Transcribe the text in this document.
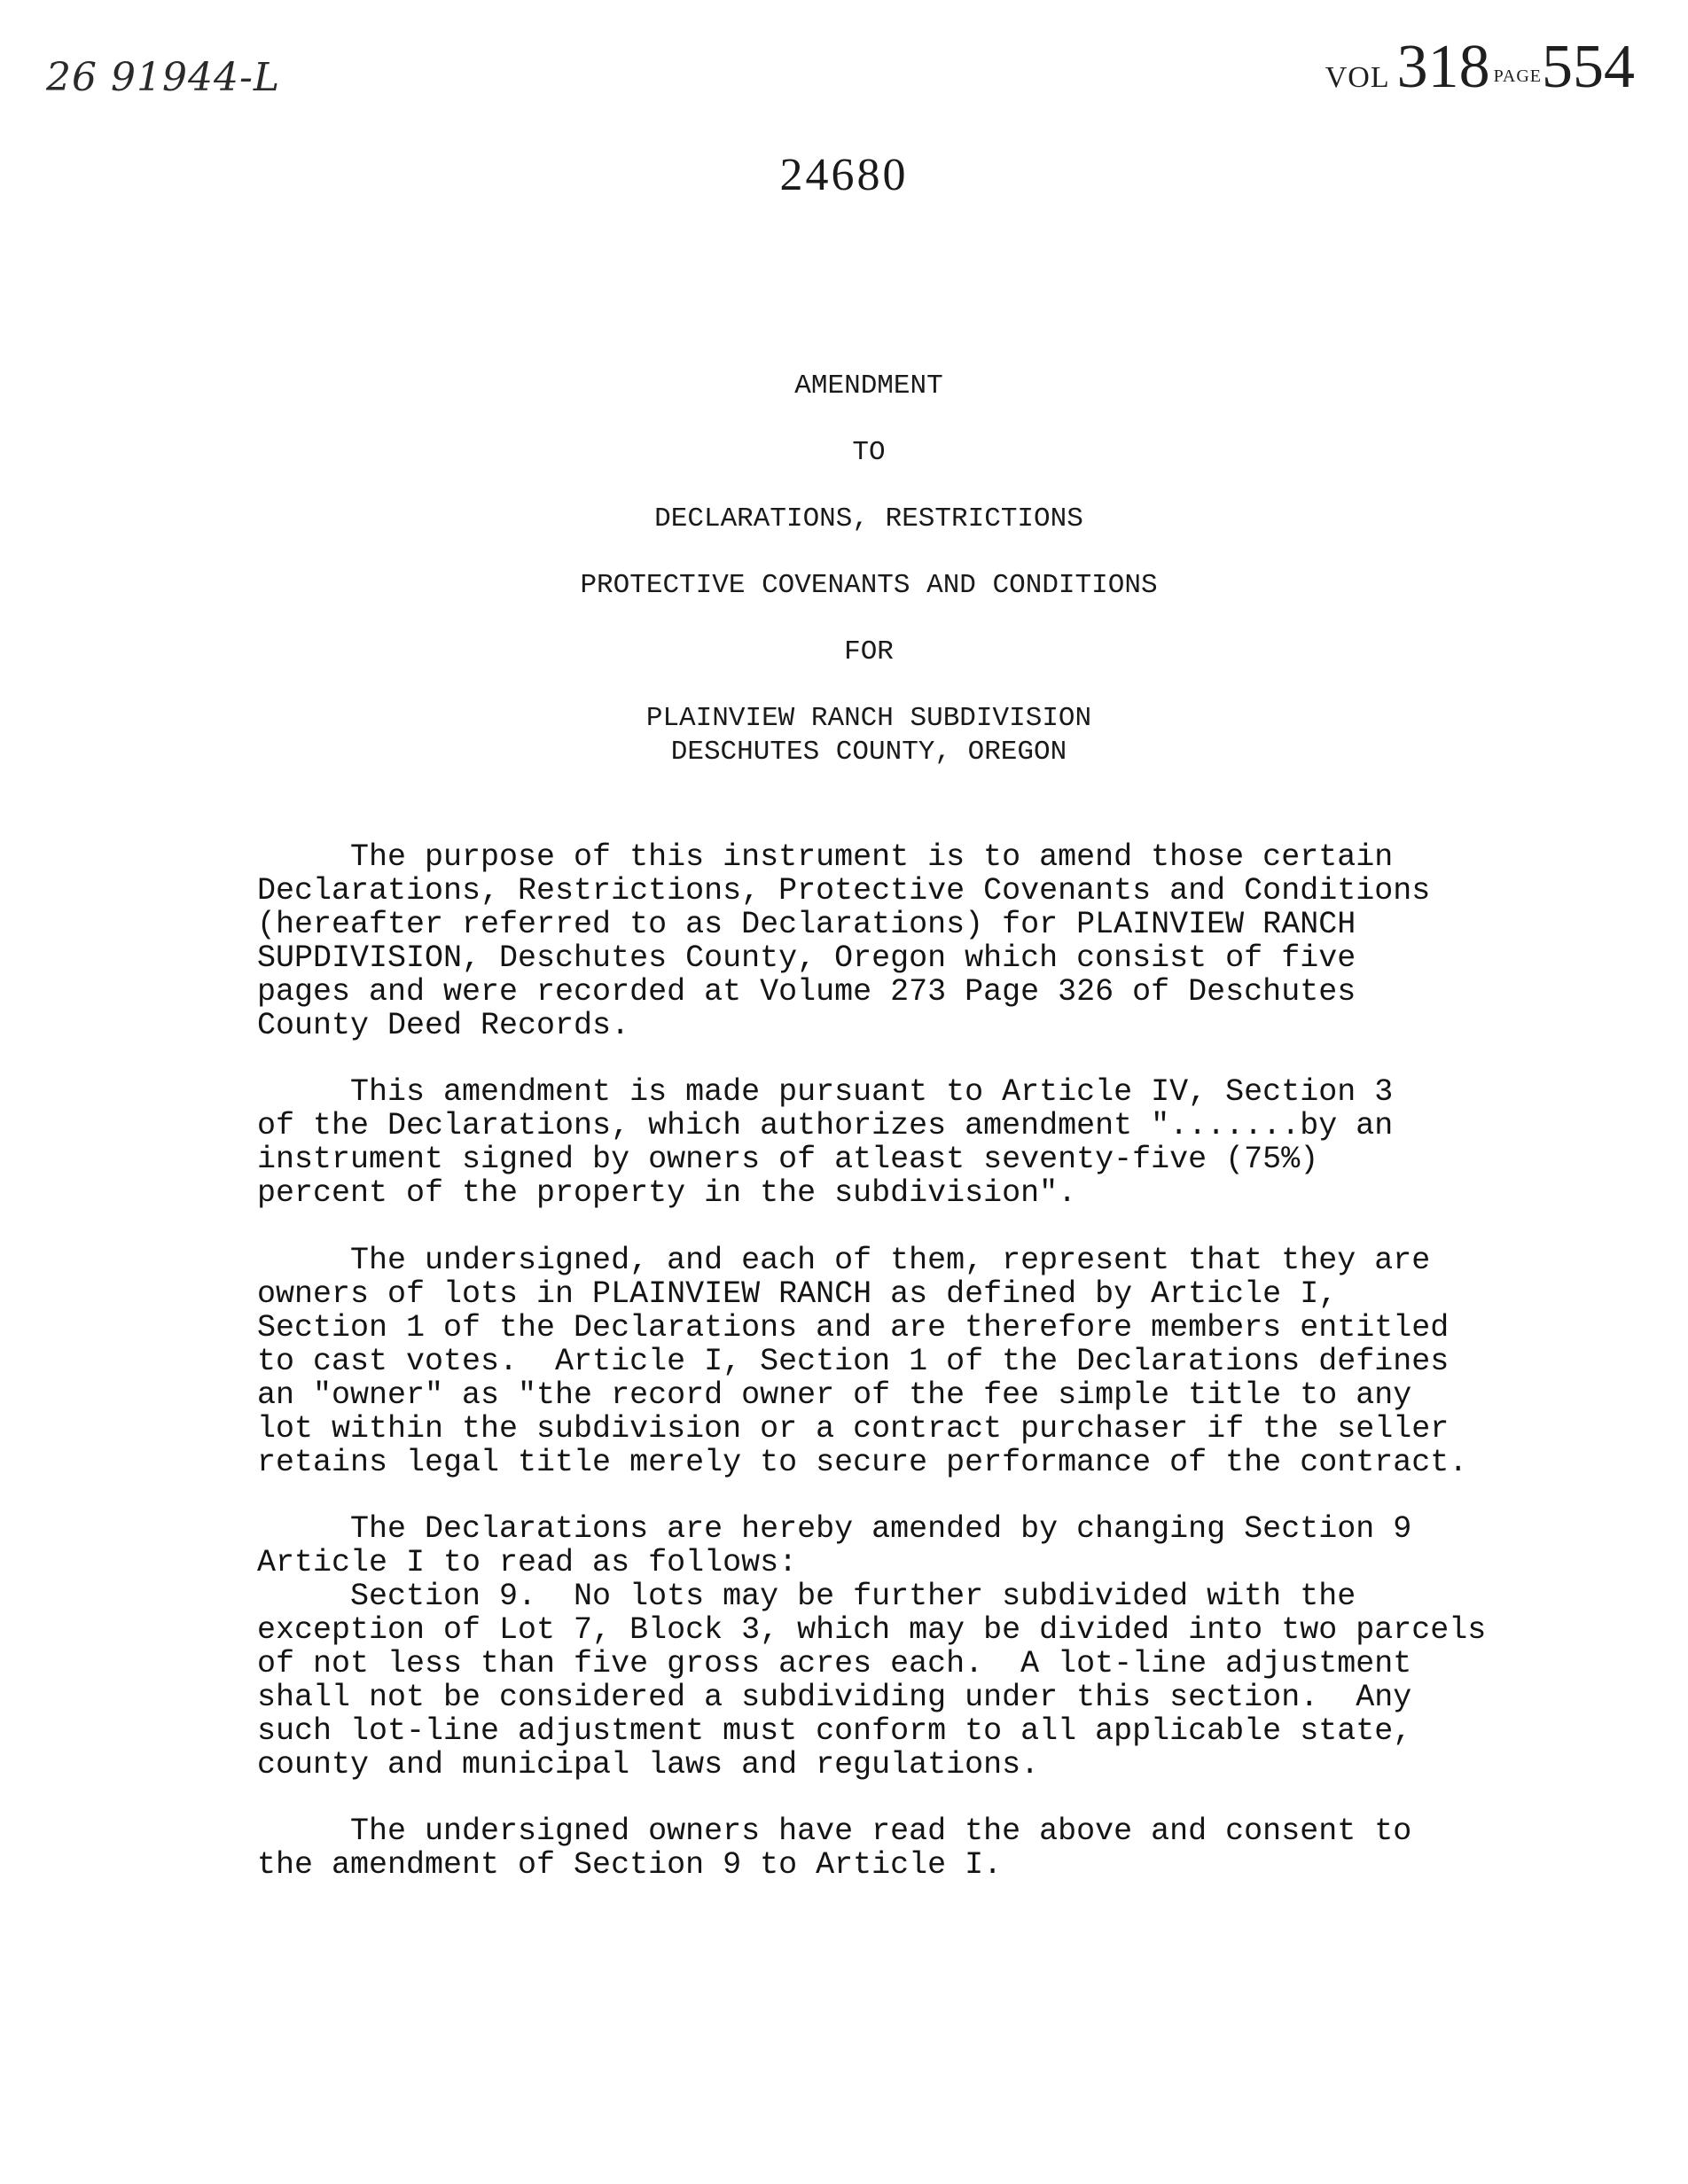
26 91944-L	VOL 318 PAGE554
24680
AMENDMENT
TO
DECLARATIONS, RESTRICTIONS
PROTECTIVE COVENANTS AND CONDITIONS
FOR
PLAINVIEW RANCH SUBDIVISION
DESCHUTES COUNTY, OREGON
The purpose of this instrument is to amend those certain
Declarations, Restrictions, Protective Covenants and Conditions
(hereafter referred to as Declarations) for PLAINVIEW RANCH
SUPDIVISION, Deschutes County, Oregon which consist of five
pages and were recorded at Volume 273 Page 326 of Deschutes
County Deed Records.
This amendment is made pursuant to Article IV, Section 3
of the Declarations, which authorizes amendment ".......by an
instrument signed by owners of atleast seventy-five (75%)
percent of the property in the subdivision".
The undersigned, and each of them, represent that they are
owners of lots in PLAINVIEW RANCH as defined by Article I,
Section 1 of the Declarations and are therefore members entitled
to cast votes.  Article I, Section 1 of the Declarations defines
an "owner" as "the record owner of the fee simple title to any
lot within the subdivision or a contract purchaser if the seller
retains legal title merely to secure performance of the contract.
The Declarations are hereby amended by changing Section 9
Article I to read as follows:
Section 9.  No lots may be further subdivided with the
exception of Lot 7, Block 3, which may be divided into two parcels
of not less than five gross acres each.  A lot-line adjustment
shall not be considered a subdividing under this section.  Any
such lot-line adjustment must conform to all applicable state,
county and municipal laws and regulations.
The undersigned owners have read the above and consent to
the amendment of Section 9 to Article I.
